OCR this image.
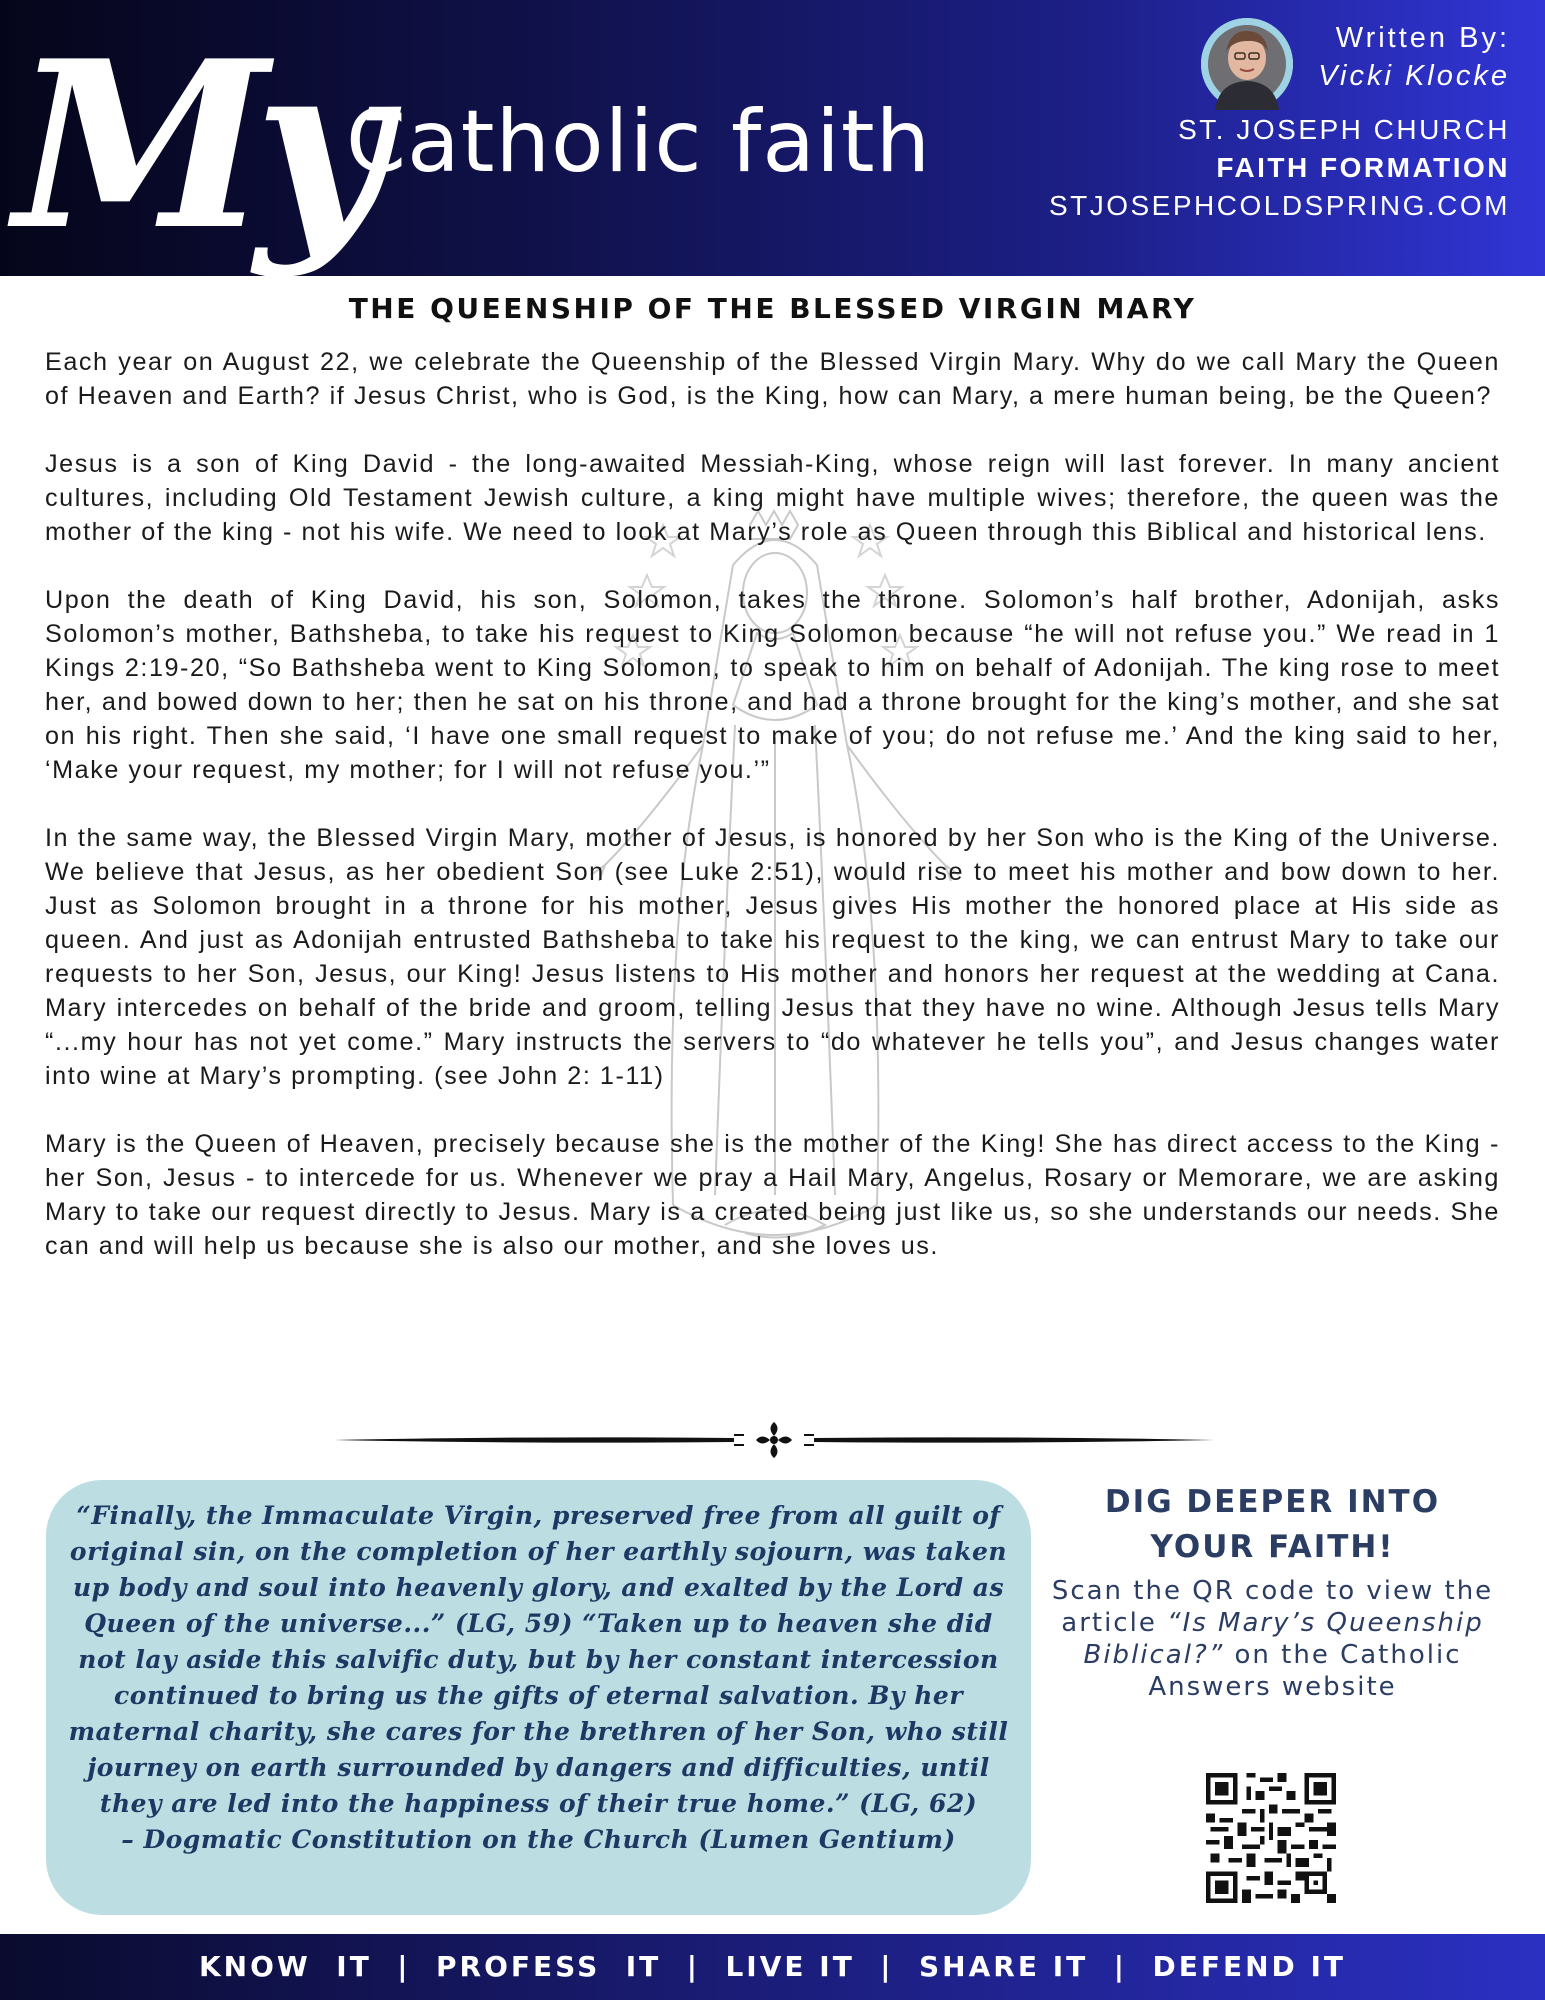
My
Catholic faith
Written By:
Vicki Klocke
ST. JOSEPH CHURCH
FAITH FORMATION
STJOSEPHCOLDSPRING.COM
THE QUEENSHIP OF THE BLESSED VIRGIN MARY

Each year on August 22, we celebrate the Queenship of the Blessed Virgin Mary. Why do we call Mary the Queen of Heaven and Earth? if Jesus Christ, who is God, is the King, how can Mary, a mere human being, be the Queen?

Jesus is a son of King David - the long-awaited Messiah-King, whose reign will last forever. In many ancient cultures, including Old Testament Jewish culture, a king might have multiple wives; therefore, the queen was the mother of the king - not his wife. We need to look at Mary’s role as Queen through this Biblical and historical lens.

Upon the death of King David, his son, Solomon, takes the throne. Solomon’s half brother, Adonijah, asks Solomon’s mother, Bathsheba, to take his request to King Solomon because “he will not refuse you.” We read in 1 Kings 2:19-20, “So Bathsheba went to King Solomon, to speak to him on behalf of Adonijah. The king rose to meet her, and bowed down to her; then he sat on his throne, and had a throne brought for the king’s mother, and she sat on his right. Then she said, ‘I have one small request to make of you; do not refuse me.’ And the king said to her, ‘Make your request, my mother; for I will not refuse you.’”

In the same way, the Blessed Virgin Mary, mother of Jesus, is honored by her Son who is the King of the Universe. We believe that Jesus, as her obedient Son (see Luke 2:51), would rise to meet his mother and bow down to her. Just as Solomon brought in a throne for his mother, Jesus gives His mother the honored place at His side as queen. And just as Adonijah entrusted Bathsheba to take his request to the king, we can entrust Mary to take our requests to her Son, Jesus, our King! Jesus listens to His mother and honors her request at the wedding at Cana. Mary intercedes on behalf of the bride and groom, telling Jesus that they have no wine. Although Jesus tells Mary “...my hour has not yet come.” Mary instructs the servers to “do whatever he tells you”, and Jesus changes water into wine at Mary’s prompting. (see John 2: 1-11)

Mary is the Queen of Heaven, precisely because she is the mother of the King! She has direct access to the King - her Son, Jesus - to intercede for us. Whenever we pray a Hail Mary, Angelus, Rosary or Memorare, we are asking Mary to take our request directly to Jesus. Mary is a created being just like us, so she understands our needs. She can and will help us because she is also our mother, and she loves us.

“Finally, the Immaculate Virgin, preserved free from all guilt of original sin, on the completion of her earthly sojourn, was taken up body and soul into heavenly glory, and exalted by the Lord as Queen of the universe...” (LG, 59) “Taken up to heaven she did not lay aside this salvific duty, but by her constant intercession continued to bring us the gifts of eternal salvation. By her maternal charity, she cares for the brethren of her Son, who still journey on earth surrounded by dangers and difficulties, until they are led into the happiness of their true home.” (LG, 62)
– Dogmatic Constitution on the Church (Lumen Gentium)
DIG DEEPER INTO
YOUR FAITH!
Scan the QR code to view the article “Is Mary’s Queenship Biblical?” on the Catholic Answers website
KNOW  IT  |  PROFESS  IT  |  LIVE IT  |  SHARE IT  |  DEFEND IT
